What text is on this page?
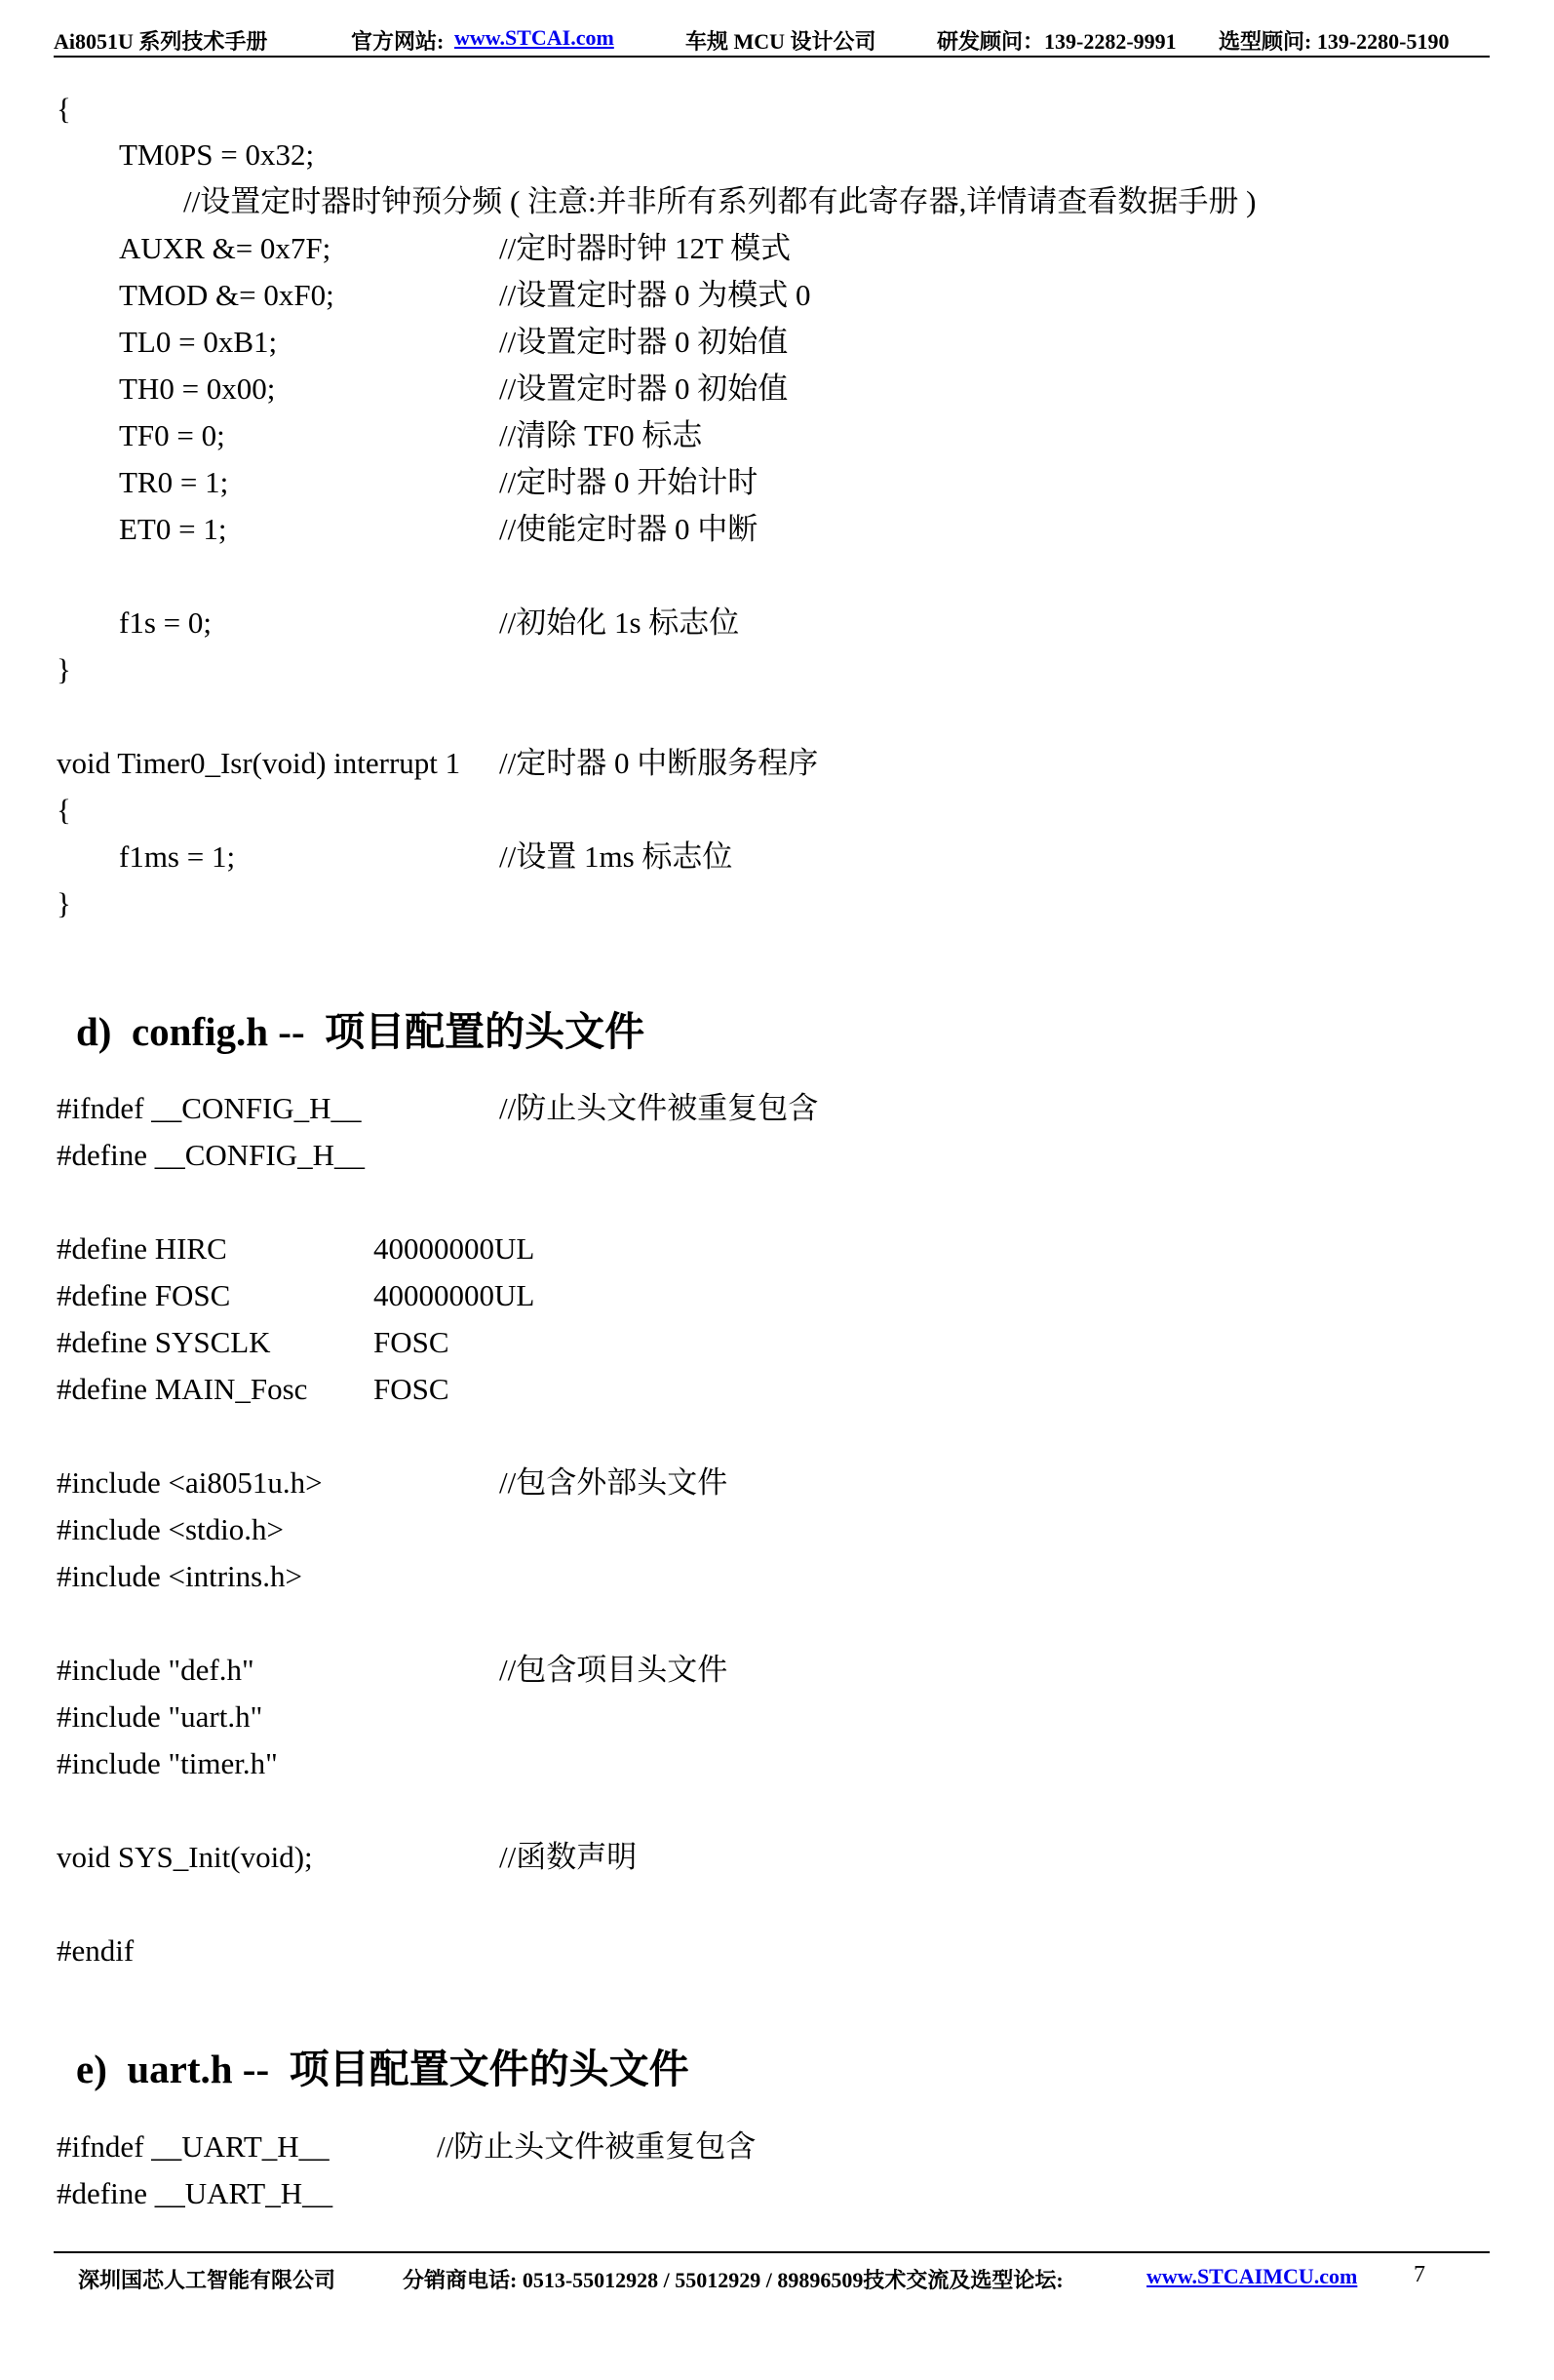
Ai8051U 系列技术手册	官方网站: www.STCAI.com	车规 MCU 设计公司	研发顾问：139-2282-9991 选型顾问: 139-2280-5190
{
TM0PS = 0x32;
//设置定时器时钟预分频 ( 注意:并非所有系列都有此寄存器,详情请查看数据手册 )
AUXR &= 0x7F;	//定时器时钟 12T 模式
TMOD &= 0xF0;	//设置定时器 0 为模式 0
TL0 = 0xB1;	//设置定时器 0 初始值
TH0 = 0x00;	//设置定时器 0 初始值
TF0 = 0;	//清除 TF0 标志
TR0 = 1;	//定时器 0 开始计时
ET0 = 1;	//使能定时器 0 中断
f1s = 0;	//初始化 1s 标志位
}
void Timer0_Isr(void) interrupt 1 //定时器 0 中断服务程序
{
f1ms = 1;	//设置 1ms 标志位
}
d)  config.h --  项目配置的头文件
#ifndef __CONFIG_H__	//防止头文件被重复包含
#define __CONFIG_H__
#define HIRC	40000000UL
#define FOSC	40000000UL
#define SYSCLK	FOSC
#define MAIN_Fosc FOSC
#include <ai8051u.h>	//包含外部头文件
#include <stdio.h>
#include <intrins.h>
#include "def.h"	//包含项目头文件
#include "uart.h"
#include "timer.h"
void SYS_Init(void);	//函数声明
#endif
e)  uart.h --  项目配置文件的头文件
#ifndef __UART_H__	//防止头文件被重复包含
#define __UART_H__
深圳国芯人工智能有限公司	分销商电话: 0513-55012928 / 55012929 / 89896509技术交流及选型论坛:	www.STCAIMCU.com 7
